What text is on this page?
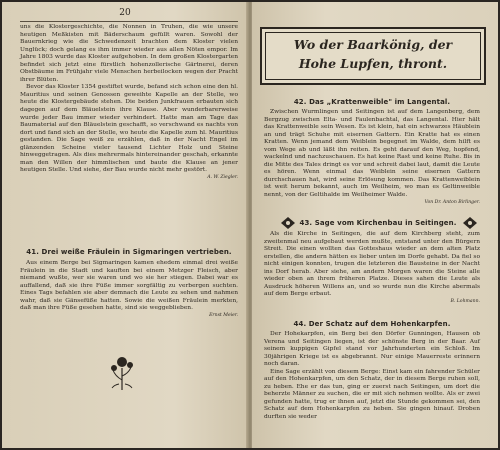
20

uns die Klostergeschichte, die Nonnen in Truhen, die wie unsere heutigen Meßkisten mit Bäderschaum gefüllt waren. Sowohl der Bauernkrieg wie die Schwedenzeit brachten dem Kloster vielen Unglück; doch gelang es ihm immer wieder aus allen Nöten empor. Im Jahre 1803 wurde das Kloster aufgehoben. In dem großen Klostergarten befindet sich jetzt eine fürstlich hohenzollerische Gärtnerei, deren Obstbäume im Frühjahr viele Menschen herbeilocken wegen der Pracht ihrer Blüten.

Bevor das Kloster 1354 gestiftet wurde, befand sich schon eine den hl. Mauritius und seinen Genossen geweihte Kapelle an der Stelle, wo heute die Klostergebäude stehen. Die beiden Junkfrauen erbauten sich dagegen auf dem Bläuelstein ihre Klause. Aber wunderbarerweise wurde jeder Bau immer wieder verhindert. Hatte man am Tage das Baumaterial auf den Bläuelstein geschafft, so verschwand es nachts von dort und fand sich an der Stelle, wo heute die Kapelle zum hl. Mauritius gestanden. Die Sage weiß zu erzählen, daß in der Nacht Engel im glänzenden Scheine vieler tausend Lichter Holz und Steine hinweggetragen. Als dies mehrermals hintereinander geschah, erkannte man den Willen der himmlischen und baute die Klause an jener heutigen Stelle. Und siehe, der Bau wurde nicht mehr gestört.

A. W. Ziegler.
41. Drei weiße Fräulein in Sigmaringen vertrieben.

Aus einem Berge bei Sigmaringen kamen ehedem einmal drei weiße Fräulein in die Stadt und kauften bei einem Metzger Fleisch, aber niemand wußte, wer sie waren und wo sie her stiegen. Dabei war es auffallend, daß sie ihre Füße immer sorgfältig zu verbergen suchten. Eines Tags befahlen sie aber demnach die Leute zu sehen und nahmen wahr, daß sie Gänsefüße hatten. Sowie die weißen Fräulein merkten, daß man ihre Füße gesehen hatte, sind sie weggeblieben.

Ernst Meier.
Wo der Baarkönig, der
Hohe Lupfen, thront.
42. Das „Krattenweible" im Langental.

Zwischen Wurmlingen und Seitingen ist auf dem Langenberg, dem Bergzug zwischen Elta- und Faulenbachtal, das Langental. Hier hält das Krattenweible sein Wesen. Es ist klein, hat ein schwarzes Häublein an und trägt Schuhe mit eisernen Gattern. Ein Kratte hat es einen Kratten. Wenn jemand dem Weiblein begegnet im Walde, dem hilft es vom Wege ab und läßt ihn reiten. Es geht darauf den Weg, hopfend, wackelnd und nachzuschauen. Es hat keine Rast und keine Ruhe. Bis in die Mitte des Tales dringt es vor und schreit dabei laut, damit die Leute es hören. Wenn einmal das Weiblein seine eisernen Gattern durchschauen hat, wird seine Erlösung kommen. Das Krattenweiblein ist weit herum bekannt, auch im Weilheim, wo man es Geltinweible nennt, von der Geltihalde im Weilheimer Walde.

Von Dr. Anton Birlinger.
43. Sage vom Kirchenbau in Seitingen.

Als die Kirche in Seitingen, die auf dem Kirchberg steht, zum zweitenmal neu aufgebaut werden mußte, entstand unter den Bürgern Streit. Die einen wollten das Gotteshaus wieder an dem alten Platz erstellen, die andern hätten es lieber unten im Dorfe gehabt. Da fiel so nicht einigen konnten, trugen die letzteren die Bausteine in der Nacht ins Dorf herab. Aber siehe, am andern Morgen waren die Steine alle wieder oben an ihrem früheren Platze. Dieses sahen die Leute als Ausdruck höheren Willens an, und so wurde nun die Kirche abermals auf dem Berge erbaut.

B. Lohmann.
44. Der Schatz auf dem Hohenkarpfen.

Der Hohekarpfen, ein Berg bei den Dörfer Gunningen, Hausen ob Verena und Seitingen liegen, ist der schönste Berg in der Baar. Auf seinem kuppigen Gipfel stand vor Jahrhunderten ein Schloß. Im 30jährigen Kriege ist es abgebrannt. Nur einige Mauerreste erinnern noch daran.

Eine Sage erzählt von diesem Berge: Einst kam ein fahrender Schüler auf den Hohenkarpfen, um den Schatz, der in diesem Berge ruhen soll, zu heben. Ehe er das tun, ging er zuerst nach Seitingen, um dort die beherzte Männer zu suchen, die er mit sich nehmen wollte. Als er zwei gefunden hatte, trug er ihnen auf, jetzt die Stunde gekommen sei, den Schatz auf dem Hohenkarpfen zu heben. Sie gingen hinauf. Droben durften sie weder
